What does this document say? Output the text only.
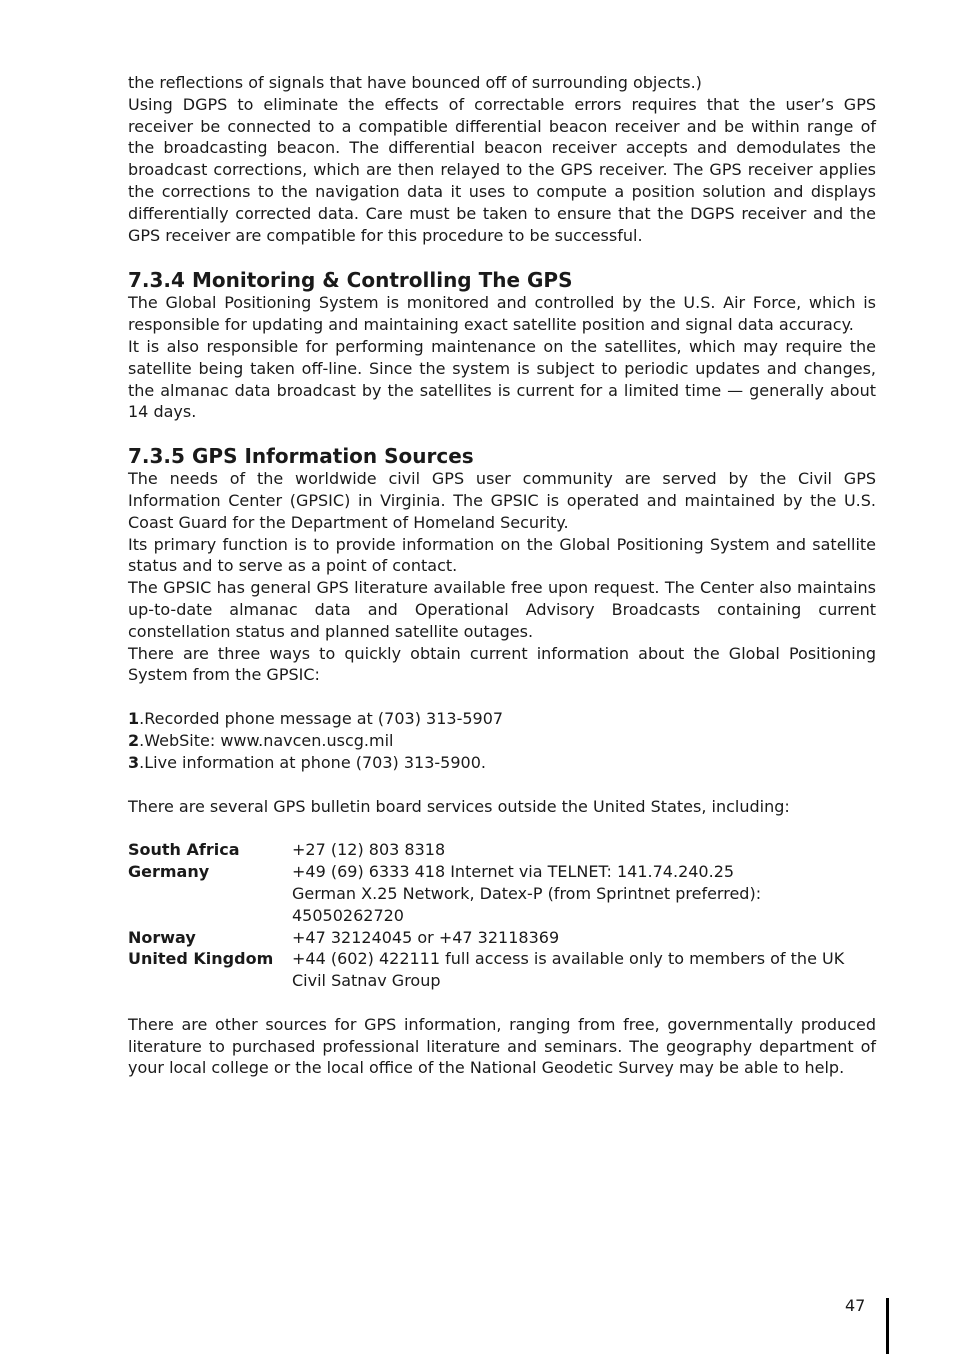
the reflections of signals that have bounced off of surrounding objects.)

Using DGPS to eliminate the effects of correctable errors requires that the user’s GPS receiver be connected to a compatible differential beacon receiver and be within range of the broadcasting beacon. The differential beacon receiver accepts and demodulates the broadcast corrections, which are then relayed to the GPS receiver. The GPS receiver applies the corrections to the navigation data it uses to compute a position solution and displays differentially corrected data. Care must be taken to ensure that the DGPS receiver and the GPS receiver are compatible for this procedure to be successful.

7.3.4 Monitoring & Controlling The GPS

The Global Positioning System is monitored and controlled by the U.S. Air Force, which is responsible for updating and maintaining exact satellite position and signal data accuracy.

It is also responsible for performing maintenance on the satellites, which may require the satellite being taken off-line. Since the system is subject to periodic updates and changes, the almanac data broadcast by the satellites is current for a limited time — generally about 14 days.

7.3.5 GPS Information Sources

The needs of the worldwide civil GPS user community are served by the Civil GPS Information Center (GPSIC) in Virginia. The GPSIC is operated and maintained by the U.S. Coast Guard for the Department of Homeland Security.

Its primary function is to provide information on the Global Positioning System and satellite status and to serve as a point of contact.

The GPSIC has general GPS literature available free upon request. The Center also maintains up-to-date almanac data and Operational Advisory Broadcasts containing current constellation status and planned satellite outages.

There are three ways to quickly obtain current information about the Global Positioning System from the GPSIC:

1.Recorded phone message at (703) 313-5907

2.WebSite: www.navcen.uscg.mil

3.Live information at phone (703) 313-5900.

There are several GPS bulletin board services outside the United States, including:

South Africa	+27 (12) 803 8318
Germany	+49 (69) 6333 418 Internet via TELNET: 141.74.240.25
	German X.25 Network, Datex-P (from Sprintnet preferred): 45050262720
Norway	+47 32124045 or +47 32118369
United Kingdom	+44 (602) 422111 full access is available only to members of the UK Civil Satnav Group

There are other sources for GPS information, ranging from free, governmentally produced literature to purchased professional literature and seminars. The geography department of your local college or the local office of the National Geodetic Survey may be able to help.

47
